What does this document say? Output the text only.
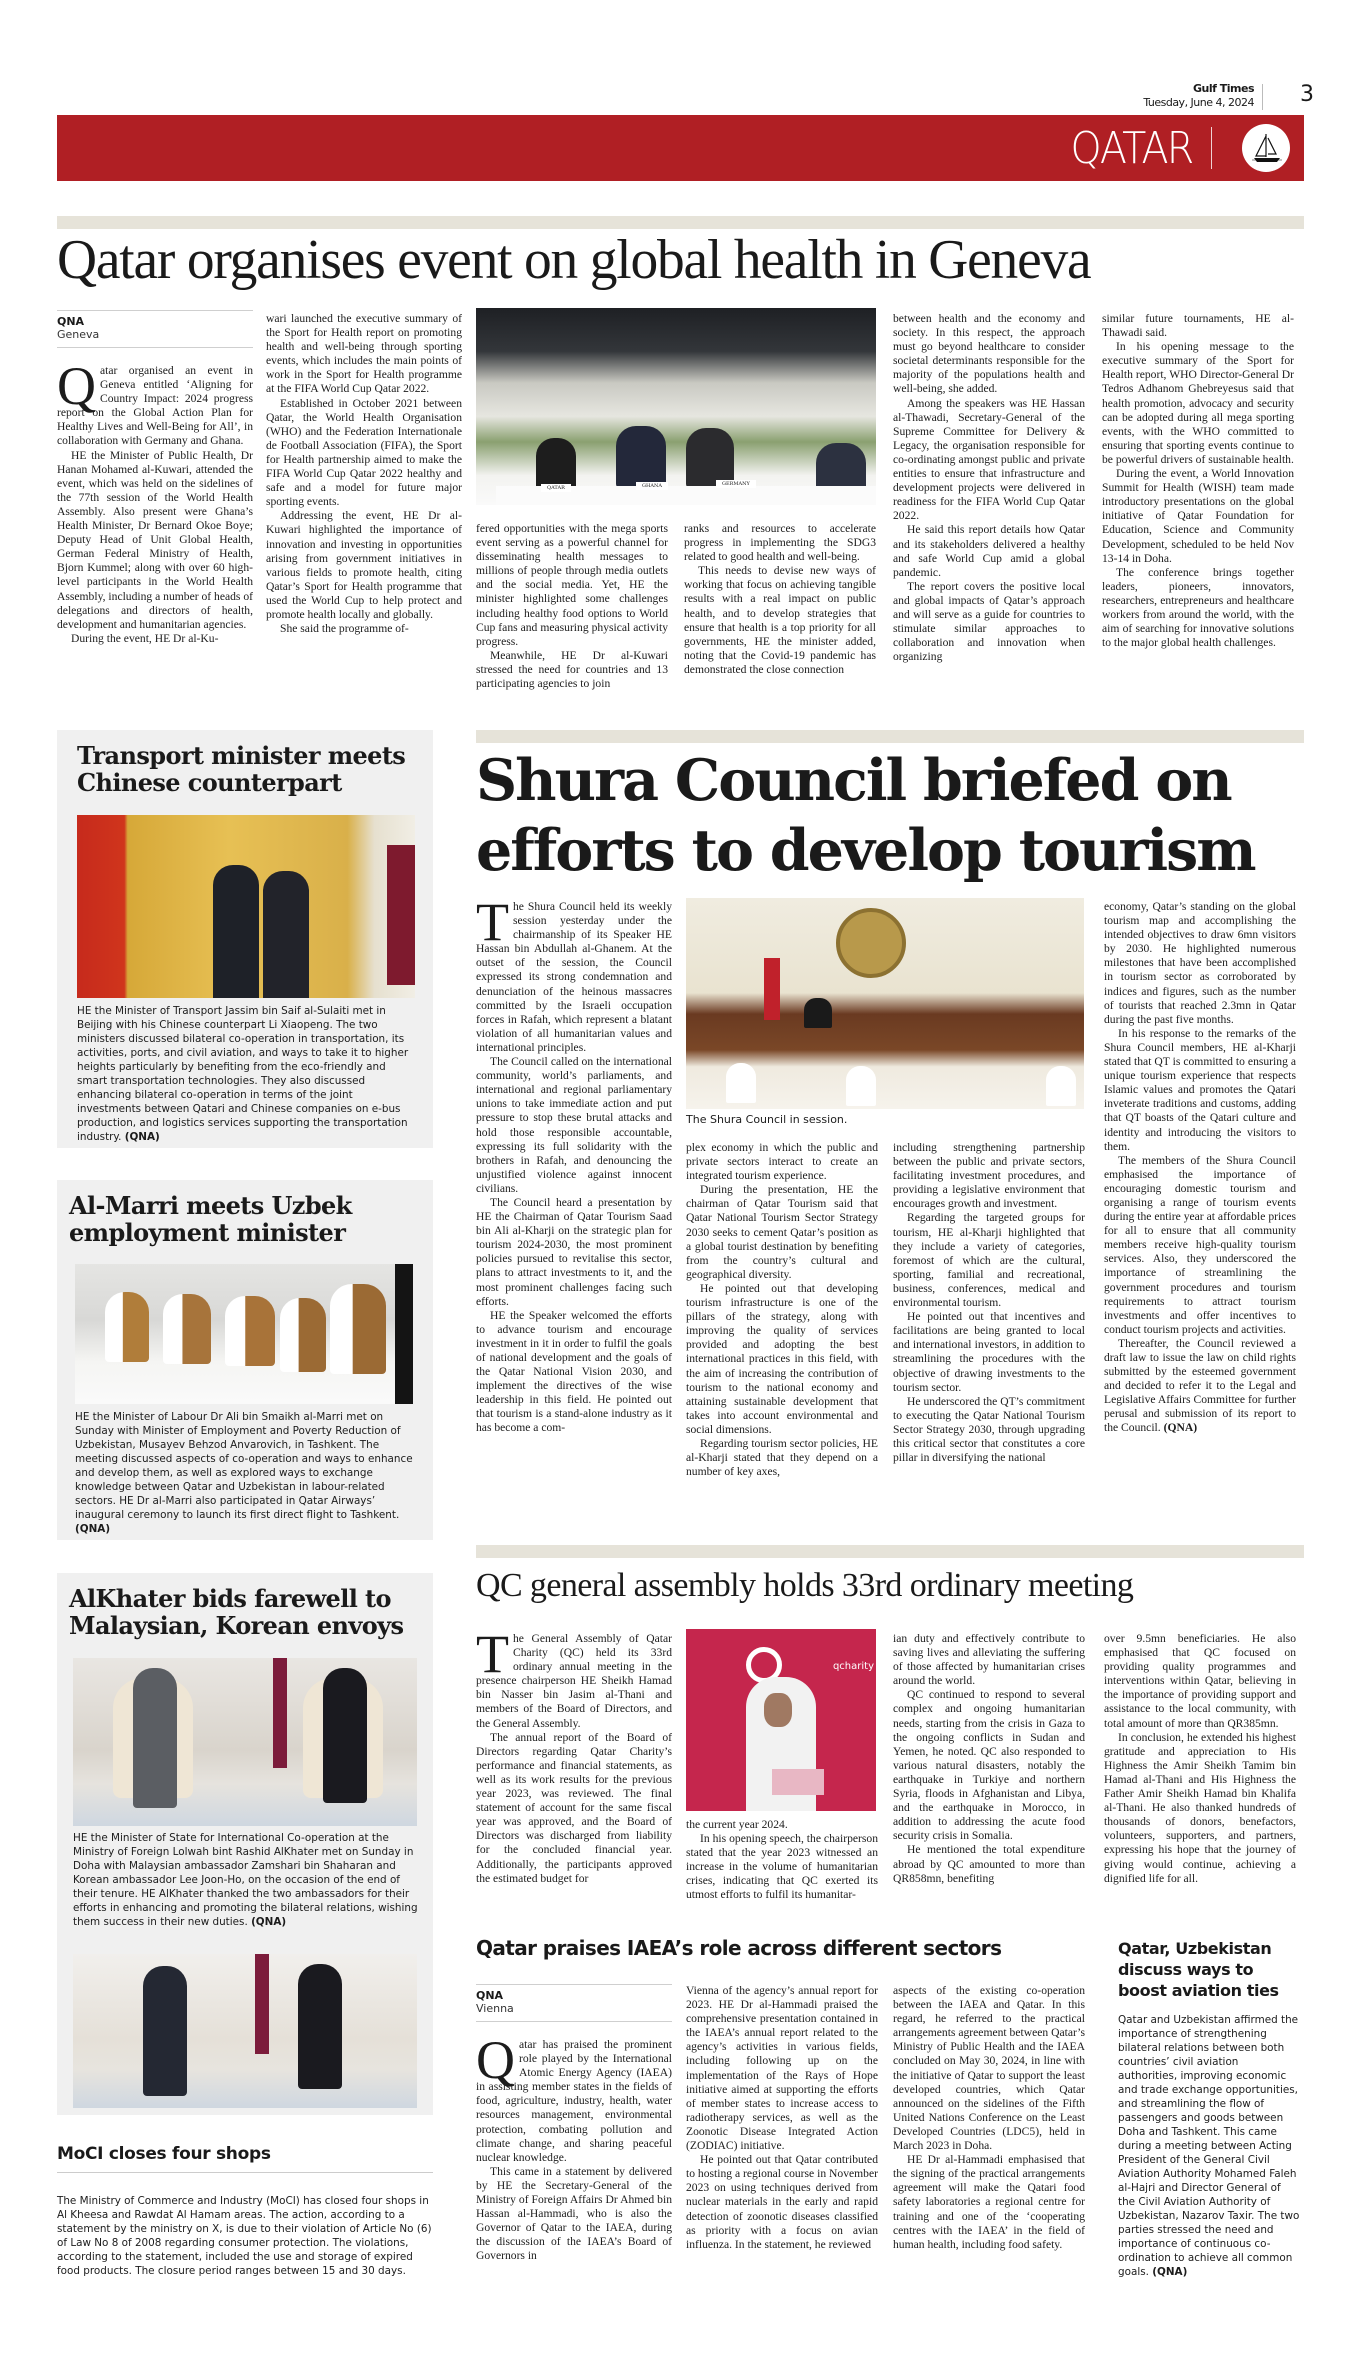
Gulf Times
Tuesday, June 4, 2024 3
QATAR
Qatar organises event on global health in Geneva
QNA
Geneva
Q atar organised an event in Geneva entitled ‘Aligning for Country Impact: 2024 progress report on the Global Action Plan for Healthy Lives and Well-Being for All’, in collaboration with Germany and Ghana.

HE the Minister of Public Health, Dr Hanan Mohamed al-Kuwari, attended the event, which was held on the sidelines of the 77th session of the World Health Assembly. Also present were Ghana’s Health Minister, Dr Bernard Okoe Boye; Deputy Head of Unit Global Health, German Federal Ministry of Health, Bjorn Kummel; along with over 60 high-level participants in the World Health Assembly, including a number of heads of delegations and directors of health, development and humanitarian agencies.

During the event, HE Dr al-Ku-

wari launched the executive summary of the Sport for Health report on promoting health and well-being through sporting events, which includes the main points of work in the Sport for Health programme at the FIFA World Cup Qatar 2022.

Established in October 2021 between Qatar, the World Health Organisation (WHO) and the Federation Internationale de Football Association (FIFA), the Sport for Health partnership aimed to make the FIFA World Cup Qatar 2022 healthy and safe and a model for future major sporting events.

Addressing the event, HE Dr al-Kuwari highlighted the importance of innovation and investing in opportunities arising from government initiatives in various fields to promote health, citing Qatar’s Sport for Health programme that used the World Cup to help protect and promote health locally and globally.

She said the programme of-

QATAR	GHANA	GERMANY

fered opportunities with the mega sports event serving as a powerful channel for disseminating health messages to millions of people through media outlets and the social media. Yet, HE the minister highlighted some challenges including healthy food options to World Cup fans and measuring physical activity progress.

Meanwhile, HE Dr al-Kuwari stressed the need for countries and 13 participating agencies to join

ranks and resources to accelerate progress in implementing the SDG3 related to good health and well-being.

This needs to devise new ways of working that focus on achieving tangible results with a real impact on public health, and to develop strategies that ensure that health is a top priority for all governments, HE the minister added, noting that the Covid-19 pandemic has demonstrated the close connection

between health and the economy and society. In this respect, the approach must go beyond healthcare to consider societal determinants responsible for the majority of the populations health and well-being, she added.

Among the speakers was HE Hassan al-Thawadi, Secretary-General of the Supreme Committee for Delivery & Legacy, the organisation responsible for co-ordinating amongst public and private entities to ensure that infrastructure and development projects were delivered in readiness for the FIFA World Cup Qatar 2022.

He said this report details how Qatar and its stakeholders delivered a healthy and safe World Cup amid a global pandemic.

The report covers the positive local and global impacts of Qatar’s approach and will serve as a guide for countries to stimulate similar approaches to collaboration and innovation when organizing

similar future tournaments, HE al-Thawadi said.

In his opening message to the executive summary of the Sport for Health report, WHO Director-General Dr Tedros Adhanom Ghebreyesus said that health promotion, advocacy and security can be adopted during all mega sporting events, with the WHO committed to ensuring that sporting events continue to be powerful drivers of sustainable health.

During the event, a World Innovation Summit for Health (WISH) team made introductory presentations on the global initiative of Qatar Foundation for Education, Science and Community Development, scheduled to be held Nov 13-14 in Doha.

The conference brings together leaders, pioneers, innovators, researchers, entrepreneurs and healthcare workers from around the world, with the aim of searching for innovative solutions to the major global health challenges.

Transport minister meets Chinese counterpart
HE the Minister of Transport Jassim bin Saif al-Sulaiti met in Beijing with his Chinese counterpart Li Xiaopeng. The two ministers discussed bilateral co-operation in transportation, its activities, ports, and civil aviation, and ways to take it to higher heights particularly by benefiting from the eco-friendly and smart transportation technologies. They also discussed enhancing bilateral co-operation in terms of the joint investments between Qatari and Chinese companies on e-bus production, and logistics services supporting the transportation industry. (QNA)
Al-Marri meets Uzbek employment minister
HE the Minister of Labour Dr Ali bin Smaikh al-Marri met on Sunday with Minister of Employment and Poverty Reduction of Uzbekistan, Musayev Behzod Anvarovich, in Tashkent. The meeting discussed aspects of co-operation and ways to enhance and develop them, as well as explored ways to exchange knowledge between Qatar and Uzbekistan in labour-related sectors. HE Dr al-Marri also participated in Qatar Airways’ inaugural ceremony to launch its first direct flight to Tashkent. (QNA)
AlKhater bids farewell to Malaysian, Korean envoys
HE the Minister of State for International Co-operation at the Ministry of Foreign Lolwah bint Rashid AlKhater met on Sunday in Doha with Malaysian ambassador Zamshari bin Shaharan and Korean ambassador Lee Joon-Ho, on the occasion of the end of their tenure. HE AlKhater thanked the two ambassadors for their efforts in enhancing and promoting the bilateral relations, wishing them success in their new duties. (QNA)
MoCI closes four shops
The Ministry of Commerce and Industry (MoCI) has closed four shops in Al Kheesa and Rawdat Al Hamam areas. The action, according to a statement by the ministry on X, is due to their violation of Article No (6) of Law No 8 of 2008 regarding consumer protection. The violations, according to the statement, included the use and storage of expired food products. The closure period ranges between 15 and 30 days.
Shura Council briefed on
efforts to develop tourism
T he Shura Council held its weekly session yesterday under the chairmanship of its Speaker HE Hassan bin Abdullah al-Ghanem. At the outset of the session, the Council expressed its strong condemnation and denunciation of the heinous massacres committed by the Israeli occupation forces in Rafah, which represent a blatant violation of all humanitarian values and international principles.

The Council called on the international community, world’s parliaments, and international and regional parliamentary unions to take immediate action and put pressure to stop these brutal attacks and hold those responsible accountable, expressing its full solidarity with the brothers in Rafah, and denouncing the unjustified violence against innocent civilians.

The Council heard a presentation by HE the Chairman of Qatar Tourism Saad bin Ali al-Kharji on the strategic plan for tourism 2024-2030, the most prominent policies pursued to revitalise this sector, plans to attract investments to it, and the most prominent challenges facing such efforts.

HE the Speaker welcomed the efforts to advance tourism and encourage investment in it in order to fulfil the goals of national development and the goals of the Qatar National Vision 2030, and implement the directives of the wise leadership in this field. He pointed out that tourism is a stand-alone industry as it has become a com-

The Shura Council in session.

plex economy in which the public and private sectors interact to create an integrated tourism experience.

During the presentation, HE the chairman of Qatar Tourism said that Qatar National Tourism Sector Strategy 2030 seeks to cement Qatar’s position as a global tourist destination by benefiting from the country’s cultural and geographical diversity.

He pointed out that developing tourism infrastructure is one of the pillars of the strategy, along with improving the quality of services provided and adopting the best international practices in this field, with the aim of increasing the contribution of tourism to the national economy and attaining sustainable development that takes into account environmental and social dimensions.

Regarding tourism sector policies, HE al-Kharji stated that they depend on a number of key axes,

including strengthening partnership between the public and private sectors, facilitating investment procedures, and providing a legislative environment that encourages growth and investment.

Regarding the targeted groups for tourism, HE al-Kharji highlighted that they include a variety of categories, foremost of which are the cultural, sporting, familial and recreational, business, conferences, medical and environmental tourism.

He pointed out that incentives and facilitations are being granted to local and international investors, in addition to streamlining the procedures with the objective of drawing investments to the tourism sector.

He underscored the QT’s commitment to executing the Qatar National Tourism Sector Strategy 2030, through upgrading this critical sector that constitutes a core pillar in diversifying the national

economy, Qatar’s standing on the global tourism map and accomplishing the intended objectives to draw 6mn visitors by 2030. He highlighted numerous milestones that have been accomplished in tourism sector as corroborated by indices and figures, such as the number of tourists that reached 2.3mn in Qatar during the past five months.

In his response to the remarks of the Shura Council members, HE al-Kharji stated that QT is committed to ensuring a unique tourism experience that respects Islamic values and promotes the Qatari inveterate traditions and customs, adding that QT boasts of the Qatari culture and identity and introducing the visitors to them.

The members of the Shura Council emphasised the importance of encouraging domestic tourism and organising a range of tourism events during the entire year at affordable prices for all to ensure that all community members receive high-quality tourism services. Also, they underscored the importance of streamlining the government procedures and tourism requirements to attract tourism investments and offer incentives to conduct tourism projects and activities.

Thereafter, the Council reviewed a draft law to issue the law on child rights submitted by the esteemed government and decided to refer it to the Legal and Legislative Affairs Committee for further perusal and submission of its report to the Council. (QNA)

QC general assembly holds 33rd ordinary meeting
T he General Assembly of Qatar Charity (QC) held its 33rd ordinary annual meeting in the presence chairperson HE Sheikh Hamad bin Nasser bin Jasim al-Thani and members of the Board of Directors, and the General Assembly.

The annual report of the Board of Directors regarding Qatar Charity’s performance and financial statements, as well as its work results for the previous year 2023, was reviewed. The final statement of account for the same fiscal year was approved, and the Board of Directors was discharged from liability for the concluded financial year. Additionally, the participants approved the estimated budget for

qcharity

the current year 2024.

In his opening speech, the chairperson stated that the year 2023 witnessed an increase in the volume of humanitarian crises, indicating that QC exerted its utmost efforts to fulfil its humanitar-

ian duty and effectively contribute to saving lives and alleviating the suffering of those affected by humanitarian crises around the world.

QC continued to respond to several complex and ongoing humanitarian needs, starting from the crisis in Gaza to the ongoing conflicts in Sudan and Yemen, he noted. QC also responded to various natural disasters, notably the earthquake in Turkiye and northern Syria, floods in Afghanistan and Libya, and the earthquake in Morocco, in addition to addressing the acute food security crisis in Somalia.

He mentioned the total expenditure abroad by QC amounted to more than QR858mn, benefiting

over 9.5mn beneficiaries. He also emphasised that QC focused on providing quality programmes and interventions within Qatar, believing in the importance of providing support and assistance to the local community, with total amount of more than QR385mn.

In conclusion, he extended his highest gratitude and appreciation to His Highness the Amir Sheikh Tamim bin Hamad al-Thani and His Highness the Father Amir Sheikh Hamad bin Khalifa al-Thani. He also thanked hundreds of thousands of donors, benefactors, volunteers, supporters, and partners, expressing his hope that the journey of giving would continue, achieving a dignified life for all.

Qatar praises IAEA’s role across different sectors
QNA
Vienna
Q atar has praised the prominent role played by the International Atomic Energy Agency (IAEA) in assisting member states in the fields of food, agriculture, industry, health, water resources management, environmental protection, combating pollution and climate change, and sharing peaceful nuclear knowledge.

This came in a statement by delivered by HE the Secretary-General of the Ministry of Foreign Affairs Dr Ahmed bin Hassan al-Hammadi, who is also the Governor of Qatar to the IAEA, during the discussion of the IAEA’s Board of Governors in

Vienna of the agency’s annual report for 2023. HE Dr al-Hammadi praised the comprehensive presentation contained in the IAEA’s annual report related to the agency’s activities in various fields, including following up on the implementation of the Rays of Hope initiative aimed at supporting the efforts of member states to increase access to radiotherapy services, as well as the Zoonotic Disease Integrated Action (ZODIAC) initiative.

He pointed out that Qatar contributed to hosting a regional course in November 2023 on using techniques derived from nuclear materials in the early and rapid detection of zoonotic diseases classified as priority with a focus on avian influenza. In the statement, he reviewed

aspects of the existing co-operation between the IAEA and Qatar. In this regard, he referred to the practical arrangements agreement between Qatar’s Ministry of Public Health and the IAEA concluded on May 30, 2024, in line with the initiative of Qatar to support the least developed countries, which Qatar announced on the sidelines of the Fifth United Nations Conference on the Least Developed Countries (LDC5), held in March 2023 in Doha.

HE Dr al-Hammadi emphasised that the signing of the practical arrangements agreement will make the Qatari food safety laboratories a regional centre for training and one of the ‘cooperating centres with the IAEA’ in the field of human health, including food safety.

Qatar, Uzbekistan discuss ways to boost aviation ties
Qatar and Uzbekistan affirmed the importance of strengthening bilateral relations between both countries’ civil aviation authorities, improving economic and trade exchange opportunities, and streamlining the flow of passengers and goods between Doha and Tashkent. This came during a meeting between Acting President of the General Civil Aviation Authority Mohamed Faleh al-Hajri and Director General of the Civil Aviation Authority of Uzbekistan, Nazarov Taxir. The two parties stressed the need and importance of continuous co-ordination to achieve all common goals. (QNA)
